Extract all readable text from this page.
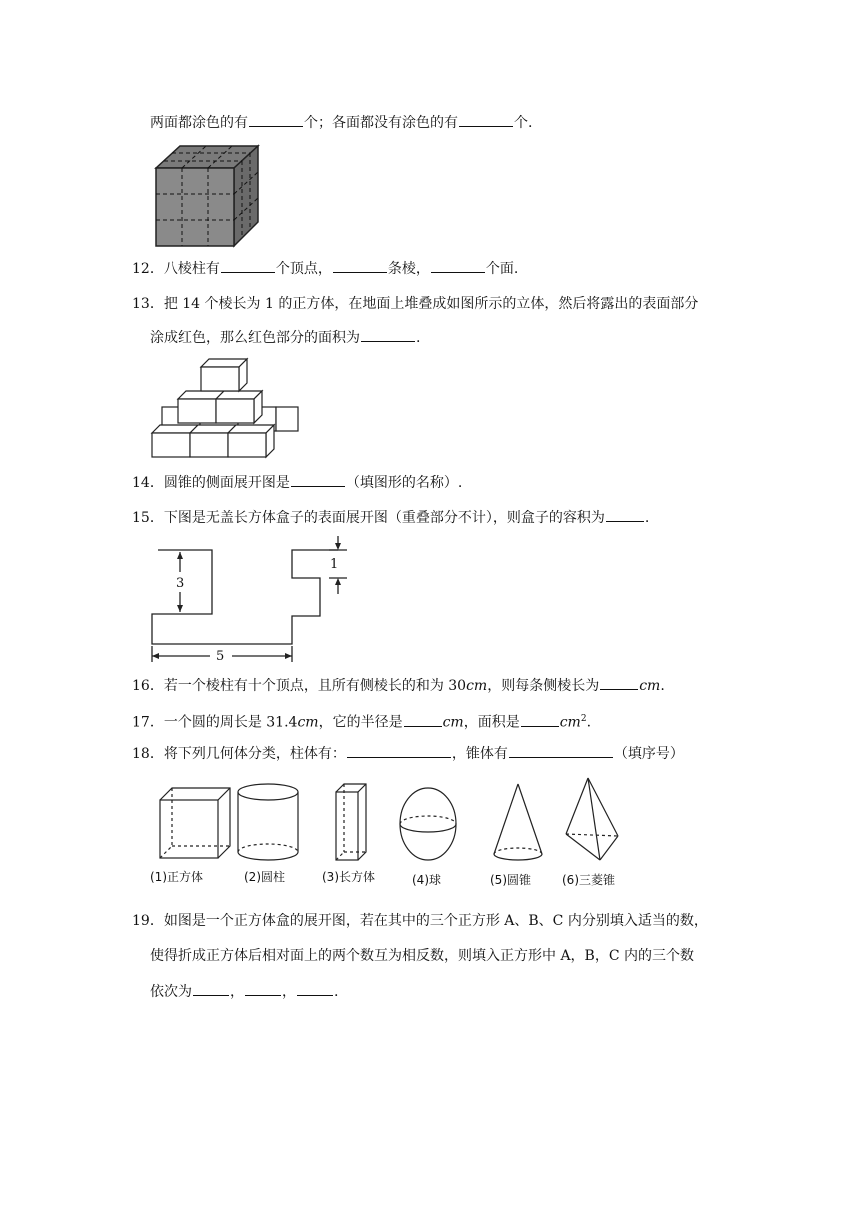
两面都涂色的有	个；各面都没有涂色的有	个.
12．八棱柱有	个顶点，	条棱，	个面.
13．把 14 个棱长为 1 的正方体，在地面上堆叠成如图所示的立体，然后将露出的表面部分
涂成红色，那么红色部分的面积为	.
14．圆锥的侧面展开图是	（填图形的名称）.
15．下图是无盖长方体盒子的表面展开图（重叠部分不计），则盒子的容积为	.
3
5
1
16．若一个棱柱有十个顶点，且所有侧棱长的和为 30cm，则每条侧棱长为	cm.
17．一个圆的周长是 31.4cm，它的半径是	cm，面积是	$cm^2$.
18．将下列几何体分类，柱体有：	，锥体有	（填序号）
(1)正方体	(2)圆柱	(3)长方体	(4)球	(5)圆锥	(6)三菱锥
19．如图是一个正方体盒的展开图，若在其中的三个正方形 A、B、C 内分别填入适当的数，
使得折成正方体后相对面上的两个数互为相反数，则填入正方形中 A，B，C 内的三个数
依次为	，	，	.
